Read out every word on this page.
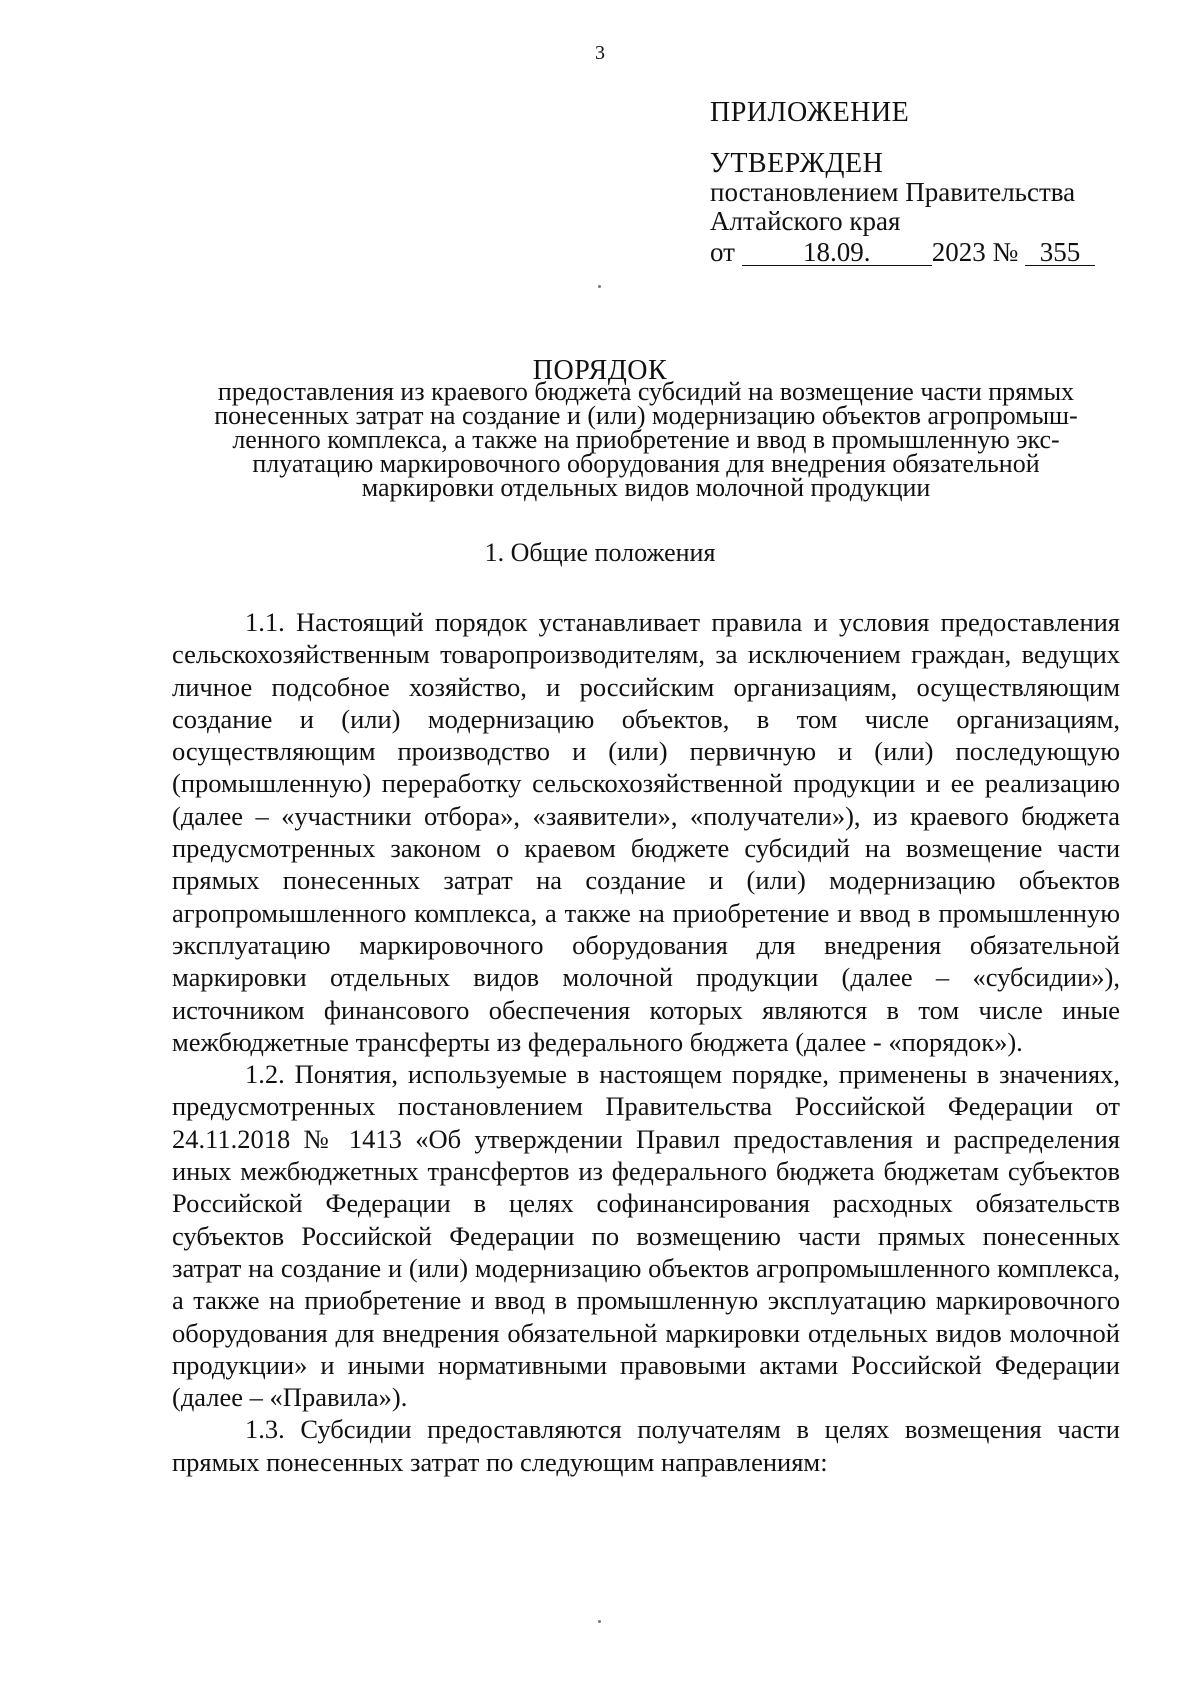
3
ПРИЛОЖЕНИЕ
УТВЕРЖДЕН
постановлением Правительства
Алтайского края
от	18.09. 2023 № 355
ПОРЯДОК
предоставления из краевого бюджета субсидий на возмещение части прямых
понесенных затрат на создание и (или) модернизацию объектов агропромыш-
ленного комплекса, а также на приобретение и ввод в промышленную экс-
плуатацию маркировочного оборудования для внедрения обязательной
маркировки отдельных видов молочной продукции
1. Общие положения

1.1. Настоящий порядок устанавливает правила и условия предоставления сельскохозяйственным товаропроизводителям, за исключением граждан, ведущих личное подсобное хозяйство, и российским организациям, осуществляющим создание и (или) модернизацию объектов, в том числе организациям, осуществляющим производство и (или) первичную и (или) последующую (промышленную) переработку сельскохозяйственной продукции и ее реализацию (далее – «участники отбора», «заявители», «получатели»), из краевого бюджета предусмотренных законом о краевом бюджете субсидий на возмещение части прямых понесенных затрат на создание и (или) модернизацию объектов агропромышленного комплекса, а также на приобретение и ввод в промышленную эксплуатацию маркировочного оборудования для внедрения обязательной маркировки отдельных видов молочной продукции (далее – «субсидии»), источником финансового обеспечения которых являются в том числе иные межбюджетные трансферты из федерального бюджета (далее - «порядок»).

1.2. Понятия, используемые в настоящем порядке, применены в значениях, предусмотренных постановлением Правительства Российской Федерации от 24.11.2018 № 1413 «Об утверждении Правил предоставления и распределения иных межбюджетных трансфертов из федерального бюджета бюджетам субъектов Российской Федерации в целях софинансирования расходных обязательств субъектов Российской Федерации по возмещению части прямых понесенных затрат на создание и (или) модернизацию объектов агропромышленного комплекса, а также на приобретение и ввод в промышленную эксплуатацию маркировочного оборудования для внедрения обязательной маркировки отдельных видов молочной продукции» и иными нормативными правовыми актами Российской Федерации (далее – «Правила»).

1.3. Субсидии предоставляются получателям в целях возмещения части прямых понесенных затрат по следующим направлениям:
